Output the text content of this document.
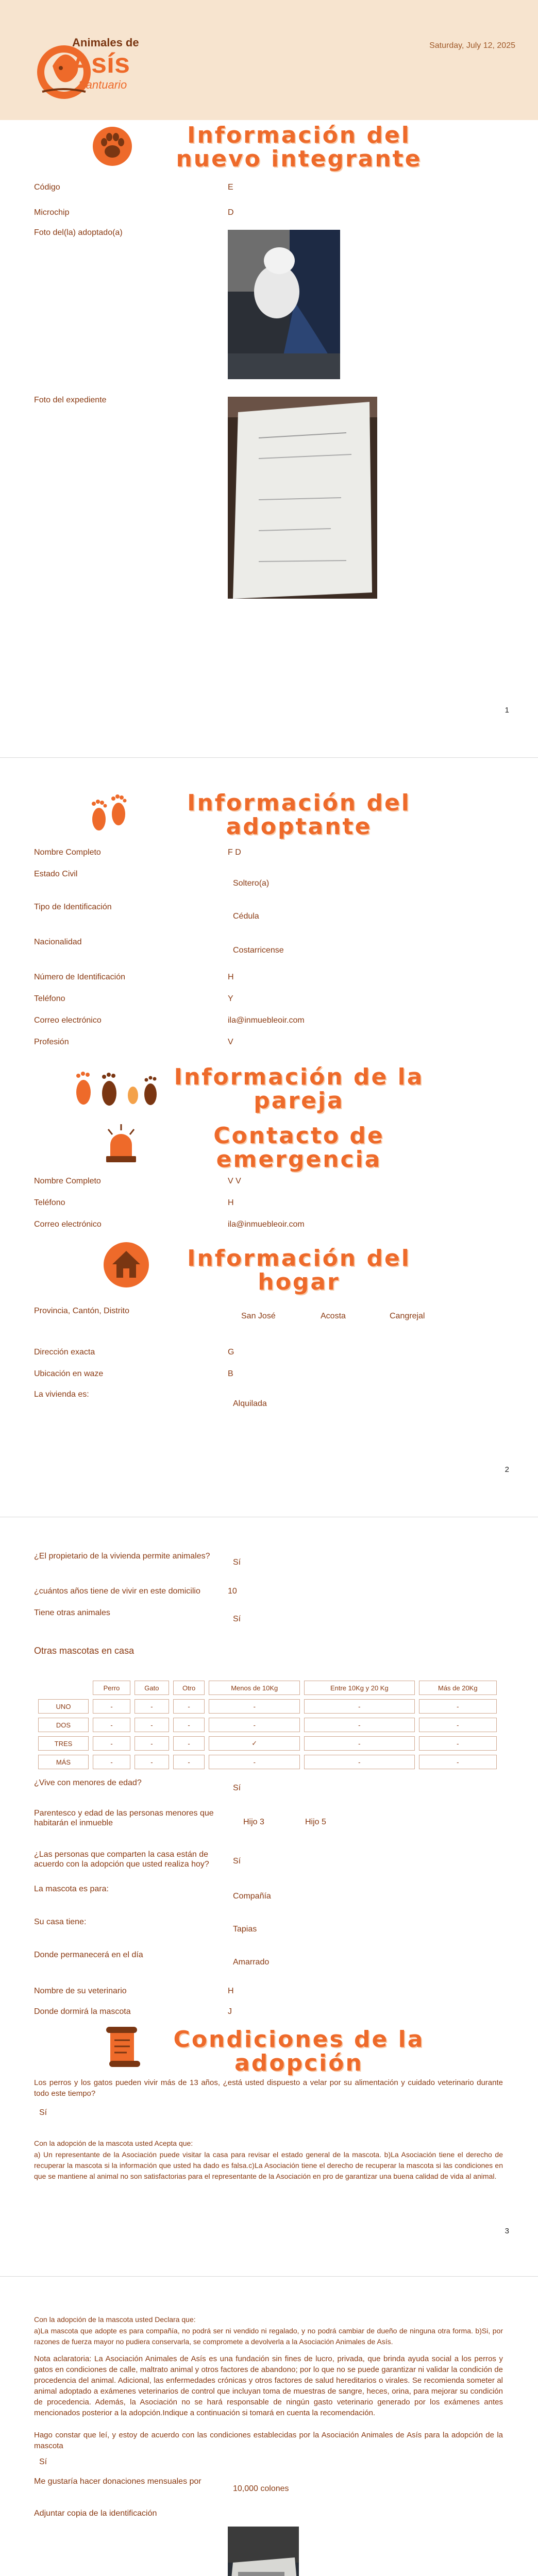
Animales de
Asís
Santuario
Saturday, July 12, 2025
Información del nuevo integrante
Código	E
Microchip	D
Foto del(la) adoptado(a)
Foto del expediente
1
Información del adoptante
Nombre Completo	F D
Estado Civil
Soltero(a)
Tipo de Identificación
Cédula
Nacionalidad
Costarricense
Número de Identificación	H
Teléfono	Y
Correo electrónico	ila@inmuebleoir.com
Profesión	V
Información de la pareja
Contacto de emergencia
Nombre Completo	V V
Teléfono	H
Correo electrónico	ila@inmuebleoir.com
Información del hogar
Provincia, Cantón, Distrito
San José	Acosta	Cangrejal
Dirección exacta	G
Ubicación en waze	B
La vivienda es:
Alquilada
2
¿El propietario de la vivienda permite animales?
Sí
¿cuántos años tiene de vivir en este domicilio	10
Tiene otras animales
Sí
Otras mascotas en casa
	Perro	Gato	Otro	Menos de 10Kg	Entre 10Kg y 20 Kg	Más de 20Kg
UNO	-	-	-	-	-	-
DOS	-	-	-	-	-	-
TRES	-	-	-	✓	-	-
MÁS	-	-	-	-	-	-
¿Vive con menores de edad?
Sí
Parentesco y edad de las personas menores que habitarán el inmueble	Hijo 3	Hijo 5
¿Las personas que comparten la casa están de acuerdo con la adopción que usted realiza hoy?	Sí
La mascota es para:
Compañía
Su casa tiene:
Tapias
Donde permanecerá en el día
Amarrado
Nombre de su veterinario	H
Donde dormirá la mascota	J
Condiciones de la adopción
Los perros y los gatos pueden vivir más de 13 años, ¿está usted dispuesto a velar por su alimentación y cuidado veterinario durante todo este tiempo?
Sí
Con la adopción de la mascota usted Acepta que:
a) Un representante de la Asociación puede visitar la casa para revisar el estado general de la mascota. b)La Asociación tiene el derecho de recuperar la mascota si la información que usted ha dado es falsa.c)La Asociación tiene el derecho de recuperar la mascota si las condiciones en que se mantiene al animal no son satisfactorias para el representante de la Asociación en pro de garantizar una buena calidad de vida al animal.
3
Con la adopción de la mascota usted Declara que:
a)La mascota que adopte es para compañía, no podrá ser ni vendido ni regalado, y no podrá cambiar de dueño de ninguna otra forma. b)Si, por razones de fuerza mayor no pudiera conservarla, se compromete a devolverla a la Asociación Animales de Asís.
Nota aclaratoria: La Asociación Animales de Asís es una fundación sin fines de lucro, privada, que brinda ayuda social a los perros y gatos en condiciones de calle, maltrato animal y otros factores de abandono; por lo que no se puede garantizar ni validar la condición de procedencia del animal. Adicional, las enfermedades crónicas y otros factores de salud hereditarios o virales. Se recomienda someter al animal adoptado a exámenes veterinarios de control que incluyan toma de muestras de sangre, heces, orina, para mejorar su condición de procedencia. Además, la Asociación no se hará responsable de ningún gasto veterinario generado por los exámenes antes mencionados posterior a la adopción.Indique a continuación si tomará en cuenta la recomendación.
Hago constar que leí, y estoy de acuerdo con las condiciones establecidas por la Asociación Animales de Asís para la adopción de la mascota
Sí
Me gustaría hacer donaciones mensuales por
10,000 colones
Adjuntar copia de la identificación
